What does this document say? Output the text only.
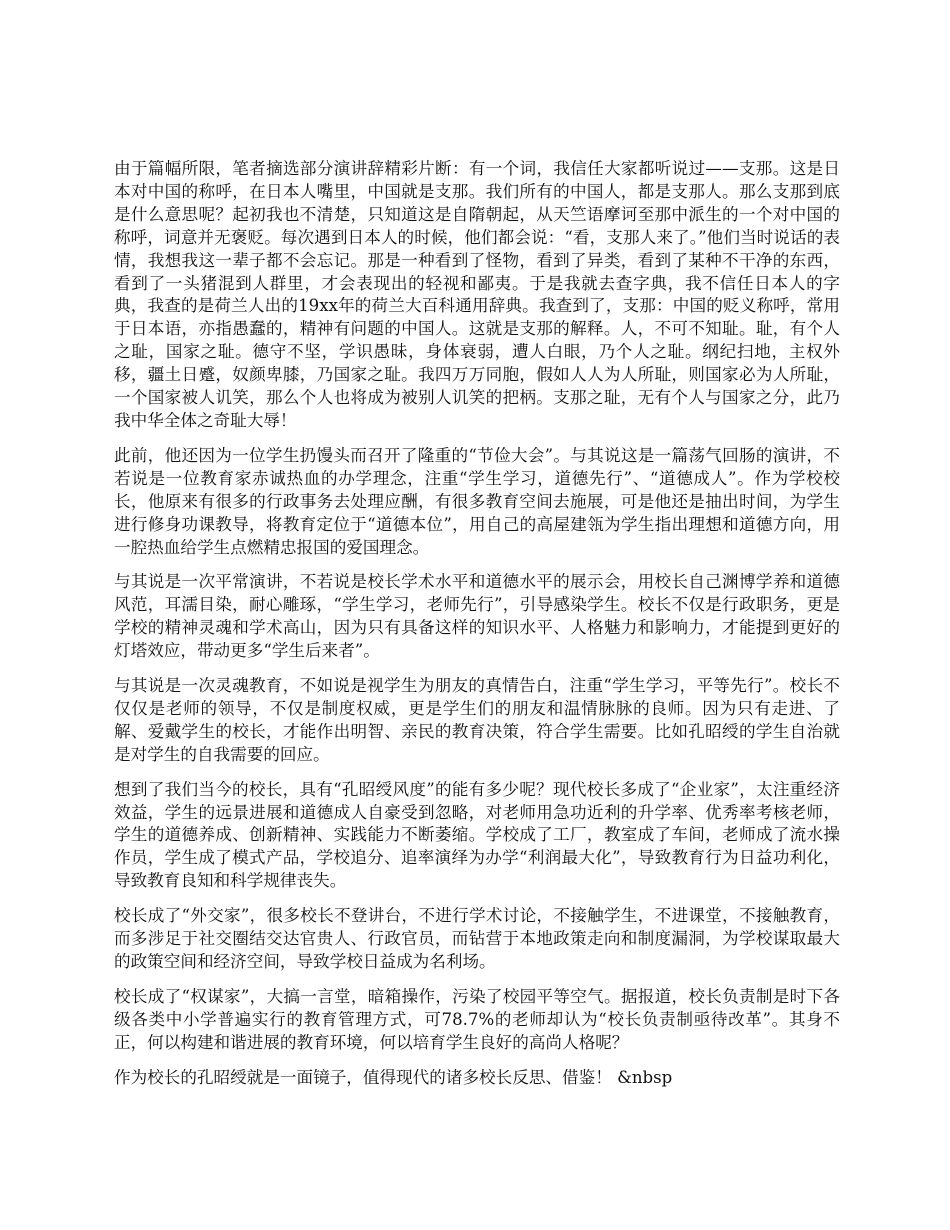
由于篇幅所限，笔者摘选部分演讲辞精彩片断：有一个词，我信任大家都听说过——支那。这是日本对中国的称呼，在日本人嘴里，中国就是支那。我们所有的中国人，都是支那人。那么支那到底是什么意思呢？起初我也不清楚，只知道这是自隋朝起，从天竺语摩诃至那中派生的一个对中国的称呼，词意并无褒贬。每次遇到日本人的时候，他们都会说：“看，支那人来了。”他们当时说话的表情，我想我这一辈子都不会忘记。那是一种看到了怪物，看到了异类，看到了某种不干净的东西，看到了一头猪混到人群里，才会表现出的轻视和鄙夷。于是我就去查字典，我不信任日本人的字典，我查的是荷兰人出的19xx年的荷兰大百科通用辞典。我查到了，支那：中国的贬义称呼，常用于日本语，亦指愚蠢的，精神有问题的中国人。这就是支那的解释。人，不可不知耻。耻，有个人之耻，国家之耻。德守不坚，学识愚昧，身体衰弱，遭人白眼，乃个人之耻。纲纪扫地，主权外移，疆土日蹙，奴颜卑膝，乃国家之耻。我四万万同胞，假如人人为人所耻，则国家必为人所耻，一个国家被人讥笑，那么个人也将成为被别人讥笑的把柄。支那之耻，无有个人与国家之分，此乃我中华全体之奇耻大辱！

此前，他还因为一位学生扔馒头而召开了隆重的“节俭大会”。与其说这是一篇荡气回肠的演讲，不若说是一位教育家赤诚热血的办学理念，注重“学生学习，道德先行”、“道德成人”。作为学校校长，他原来有很多的行政事务去处理应酬，有很多教育空间去施展，可是他还是抽出时间，为学生进行修身功课教导，将教育定位于“道德本位”，用自己的高屋建瓴为学生指出理想和道德方向，用一腔热血给学生点燃精忠报国的爱国理念。

与其说是一次平常演讲，不若说是校长学术水平和道德水平的展示会，用校长自己渊博学养和道德风范，耳濡目染，耐心雕琢，“学生学习，老师先行”，引导感染学生。校长不仅是行政职务，更是学校的精神灵魂和学术高山，因为只有具备这样的知识水平、人格魅力和影响力，才能提到更好的灯塔效应，带动更多“学生后来者”。

与其说是一次灵魂教育，不如说是视学生为朋友的真情告白，注重“学生学习，平等先行”。校长不仅仅是老师的领导，不仅是制度权威，更是学生们的朋友和温情脉脉的良师。因为只有走进、了解、爱戴学生的校长，才能作出明智、亲民的教育决策，符合学生需要。比如孔昭绶的学生自治就是对学生的自我需要的回应。

想到了我们当今的校长，具有“孔昭绶风度”的能有多少呢？现代校长多成了“企业家”，太注重经济效益，学生的远景进展和道德成人自豪受到忽略，对老师用急功近利的升学率、优秀率考核老师，学生的道德养成、创新精神、实践能力不断萎缩。学校成了工厂，教室成了车间，老师成了流水操作员，学生成了模式产品，学校追分、追率演绎为办学“利润最大化”，导致教育行为日益功利化，导致教育良知和科学规律丧失。

校长成了“外交家”，很多校长不登讲台，不进行学术讨论，不接触学生，不进课堂，不接触教育，而多涉足于社交圈结交达官贵人、行政官员，而钻营于本地政策走向和制度漏洞，为学校谋取最大的政策空间和经济空间，导致学校日益成为名利场。

校长成了“权谋家”，大搞一言堂，暗箱操作，污染了校园平等空气。据报道，校长负责制是时下各级各类中小学普遍实行的教育管理方式，可78.7%的老师却认为“校长负责制亟待改革”。其身不正，何以构建和谐进展的教育环境，何以培育学生良好的高尚人格呢？

作为校长的孔昭绶就是一面镜子，值得现代的诸多校长反思、借鉴！ &nbsp
